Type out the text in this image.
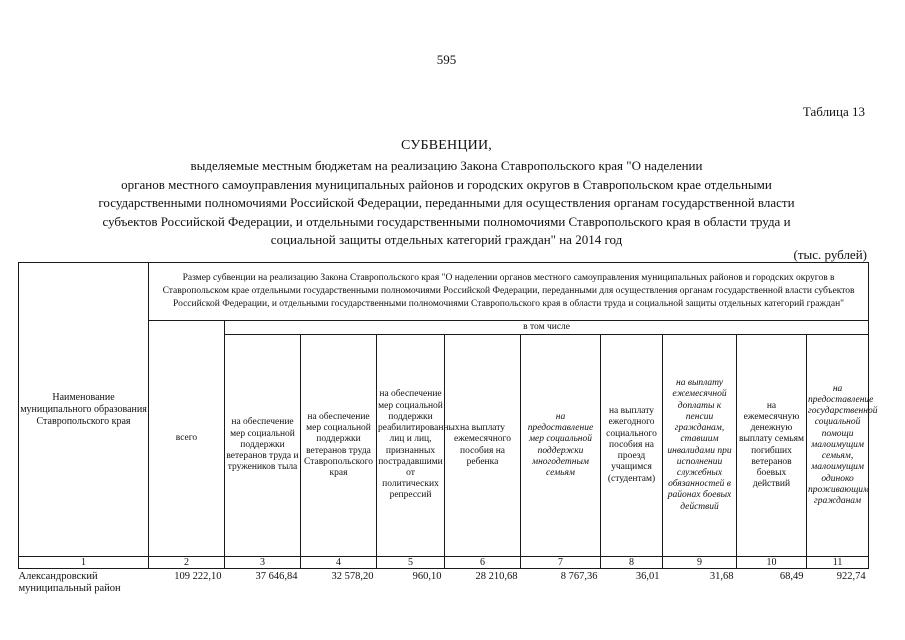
595
Таблица 13
СУБВЕНЦИИ,
выделяемые местным бюджетам на реализацию Закона Ставропольского края "О наделении
органов местного самоуправления муниципальных районов и городских округов в Ставропольском крае отдельными
государственными полномочиями Российской Федерации, переданными для осуществления органам государственной власти
субъектов Российской Федерации, и отдельными государственными полномочиями Ставропольского края в области труда и
социальной защиты отдельных категорий граждан" на 2014 год
(тыс. рублей)
Наименование муниципального образования Ставропольского края	Размер субвенции на реализацию Закона Ставропольского края "О наделении органов местного самоуправления муниципальных районов и городских округов в Ставропольском крае отдельными государственными полномочиями Российской Федерации, переданными для осуществления органам государственной власти субъектов Российской Федерации, и отдельными государственными полномочиями Ставропольского края в области труда и социальной защиты отдельных категорий граждан"									
	всего	в том числе								
		на обеспечение мер социальной поддержки ветеранов труда и тружеников тыла	на обеспечение мер социальной поддержки ветеранов труда Ставропольского края	на обеспечение мер социальной поддержки реабилитированных лиц и лиц, признанных пострадавшими от политических репрессий	на выплату ежемесячного пособия на ребенка	на предоставление мер социальной поддержки многодетным семьям	на выплату ежегодного социального пособия на проезд учащимся (студентам)	на выплату ежемесячной доплаты к пенсии гражданам, ставшим инвалидами при исполнении служебных обязанностей в районах боевых действий	на ежемесячную денежную выплату семьям погибших ветеранов боевых действий	на предоставление государственной социальной помощи малоимущим семьям, малоимущим одиноко проживающим гражданам
1	2	3	4	5	6	7	8	9	10	11
Александровский муниципальный район	109 222,10	37 646,84	32 578,20	960,10	28 210,68	8 767,36	36,01	31,68	68,49	922,74
